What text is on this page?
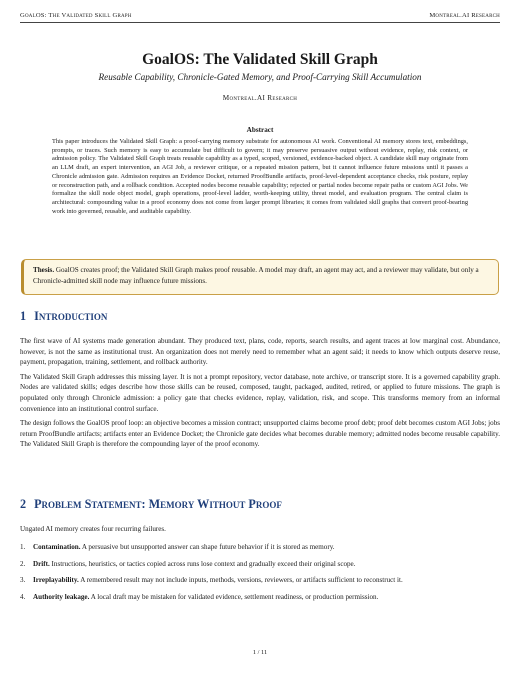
GoalOS: The Validated Skill Graph	Montreal.AI Research
GoalOS: The Validated Skill Graph
Reusable Capability, Chronicle-Gated Memory, and Proof-Carrying Skill Accumulation
Montreal.AI Research
Abstract
This paper introduces the Validated Skill Graph: a proof-carrying memory substrate for autonomous AI work. Conventional AI memory stores text, embeddings, prompts, or traces. Such memory is easy to accumulate but difficult to govern; it may preserve persuasive output without evidence, replay, risk context, or admission policy. The Validated Skill Graph treats reusable capability as a typed, scoped, versioned, evidence-backed object. A candidate skill may originate from an LLM draft, an expert intervention, an AGI Job, a reviewer critique, or a repeated mission pattern, but it cannot influence future missions until it passes a Chronicle admission gate. Admission requires an Evidence Docket, returned ProofBundle artifacts, proof-level-dependent acceptance checks, risk posture, replay or reconstruction path, and a rollback condition. Accepted nodes become reusable capability; rejected or partial nodes become repair paths or custom AGI Jobs. We formalize the skill node object model, graph operations, proof-level ladder, worth-keeping utility, threat model, and evaluation program. The central claim is architectural: compounding value in a proof economy does not come from larger prompt libraries; it comes from validated skill graphs that convert proof-bearing work into governed, reusable, and auditable capability.
Thesis. GoalOS creates proof; the Validated Skill Graph makes proof reusable. A model may draft, an agent may act, and a reviewer may validate, but only a Chronicle-admitted skill node may influence future missions.
1 Introduction

The first wave of AI systems made generation abundant. They produced text, plans, code, reports, search results, and agent traces at low marginal cost. Abundance, however, is not the same as institutional trust. An organization does not merely need to remember what an agent said; it needs to know which outputs deserve reuse, payment, propagation, training, settlement, and rollback authority.

The Validated Skill Graph addresses this missing layer. It is not a prompt repository, vector database, note archive, or transcript store. It is a governed capability graph. Nodes are validated skills; edges describe how those skills can be reused, composed, taught, packaged, audited, retired, or applied to future missions. The graph is populated only through Chronicle admission: a policy gate that checks evidence, replay, validation, risk, and scope. This transforms memory from an informal convenience into an institutional control surface.

The design follows the GoalOS proof loop: an objective becomes a mission contract; unsupported claims become proof debt; proof debt becomes custom AGI Jobs; jobs return ProofBundle artifacts; artifacts enter an Evidence Docket; the Chronicle gate decides what becomes durable memory; admitted nodes become reusable capability. The Validated Skill Graph is therefore the compounding layer of the proof economy.

2 Problem Statement: Memory Without Proof
Ungated AI memory creates four recurring failures.
1.	Contamination. A persuasive but unsupported answer can shape future behavior if it is stored as memory.
2.	Drift. Instructions, heuristics, or tactics copied across runs lose context and gradually exceed their original scope.
3.	Irreplayability. A remembered result may not include inputs, methods, versions, reviewers, or artifacts sufficient to reconstruct it.
4.	Authority leakage. A local draft may be mistaken for validated evidence, settlement readiness, or production permission.
1 / 11
